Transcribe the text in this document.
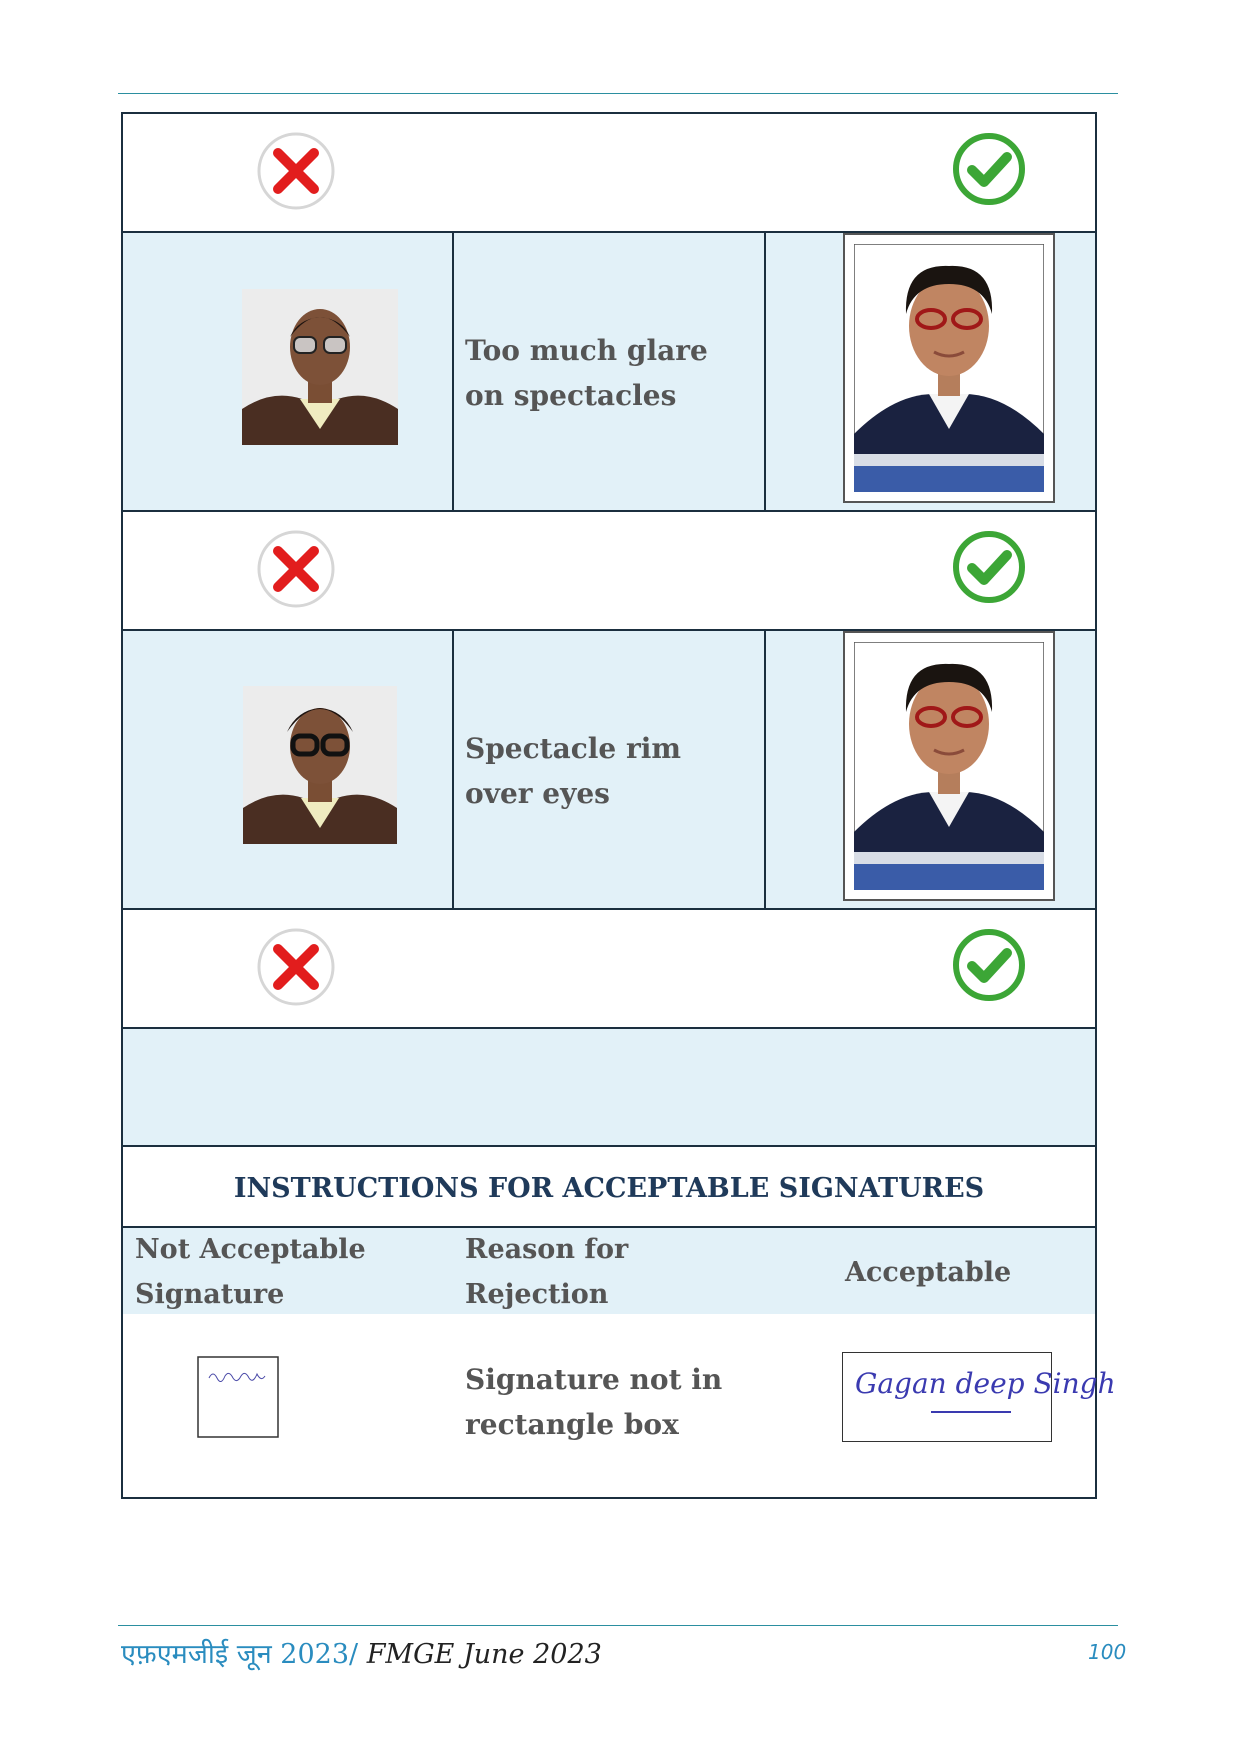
Too much glare on spectacles
Spectacle rim over eyes
INSTRUCTIONS FOR ACCEPTABLE SIGNATURES
Not Acceptable Signature
Reason for Rejection
Acceptable
Signature not in rectangle box
Gagan deep Singh
एफ़एमजीई जून 2023/ FMGE June 2023	100
